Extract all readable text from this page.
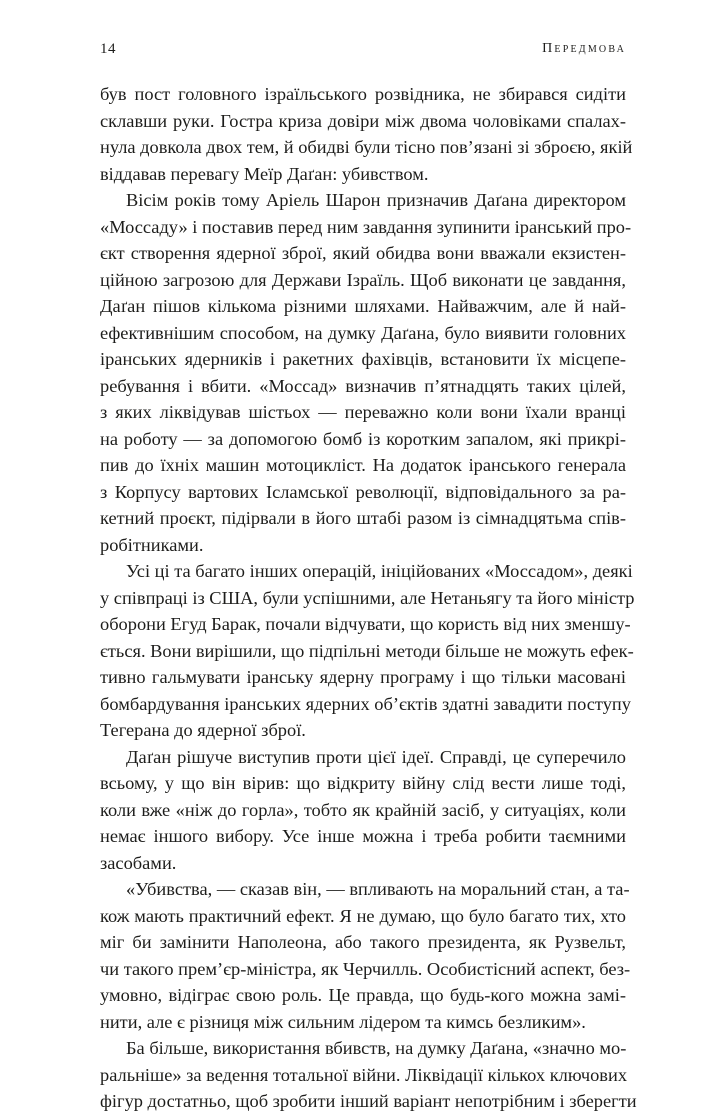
14	Передмова
був пост головного ізраїльського розвідника, не збирався сидіти
склавши руки. Гостра криза довіри між двома чоловіками спалах-
нула довкола двох тем, й обидві були тісно пов’язані зі зброєю, якій
віддавав перевагу Меїр Даґан: убивством.
Вісім років тому Аріель Шарон призначив Даґана директором
«Моссаду» і поставив перед ним завдання зупинити іранський про-
єкт створення ядерної зброї, який обидва вони вважали екзистен-
ційною загрозою для Держави Ізраїль. Щоб виконати це завдання,
Даґан пішов кількома різними шляхами. Найважчим, але й най-
ефективнішим способом, на думку Даґана, було виявити головних
іранських ядерників і ракетних фахівців, встановити їх місцепе-
ребування і вбити. «Моссад» визначив п’ятнадцять таких цілей,
з яких ліквідував шістьох — переважно коли вони їхали вранці
на роботу — за допомогою бомб із коротким запалом, які прикрі-
пив до їхніх машин мотоцикліст. На додаток іранського генерала
з Корпусу вартових Ісламської революції, відповідального за ра-
кетний проєкт, підірвали в його штабі разом із сімнадцятьма спів-
робітниками.
Усі ці та багато інших операцій, ініційованих «Моссадом», деякі
у співпраці із США, були успішними, але Нетаньягу та його міністр
оборони Егуд Барак, почали відчувати, що користь від них зменшу-
ється. Вони вирішили, що підпільні методи більше не можуть ефек-
тивно гальмувати іранську ядерну програму і що тільки масовані
бомбардування іранських ядерних об’єктів здатні завадити поступу
Тегерана до ядерної зброї.
Даґан рішуче виступив проти цієї ідеї. Справді, це суперечило
всьому, у що він вірив: що відкриту війну слід вести лише тоді,
коли вже «ніж до горла», тобто як крайній засіб, у ситуаціях, коли
немає іншого вибору. Усе інше можна і треба робити таємними
засобами.
«Убивства, — сказав він, — впливають на моральний стан, а та-
кож мають практичний ефект. Я не думаю, що було багато тих, хто
міг би замінити Наполеона, або такого президента, як Рузвельт,
чи такого прем’єр-міністра, як Черчилль. Особистісний аспект, без-
умовно, відіграє свою роль. Це правда, що будь-кого можна замі-
нити, але є різниця між сильним лідером та кимсь безликим».
Ба більше, використання вбивств, на думку Даґана, «значно мо-
ральніше» за ведення тотальної війни. Ліквідації кількох ключових
фігур достатньо, щоб зробити інший варіант непотрібним і зберегти
